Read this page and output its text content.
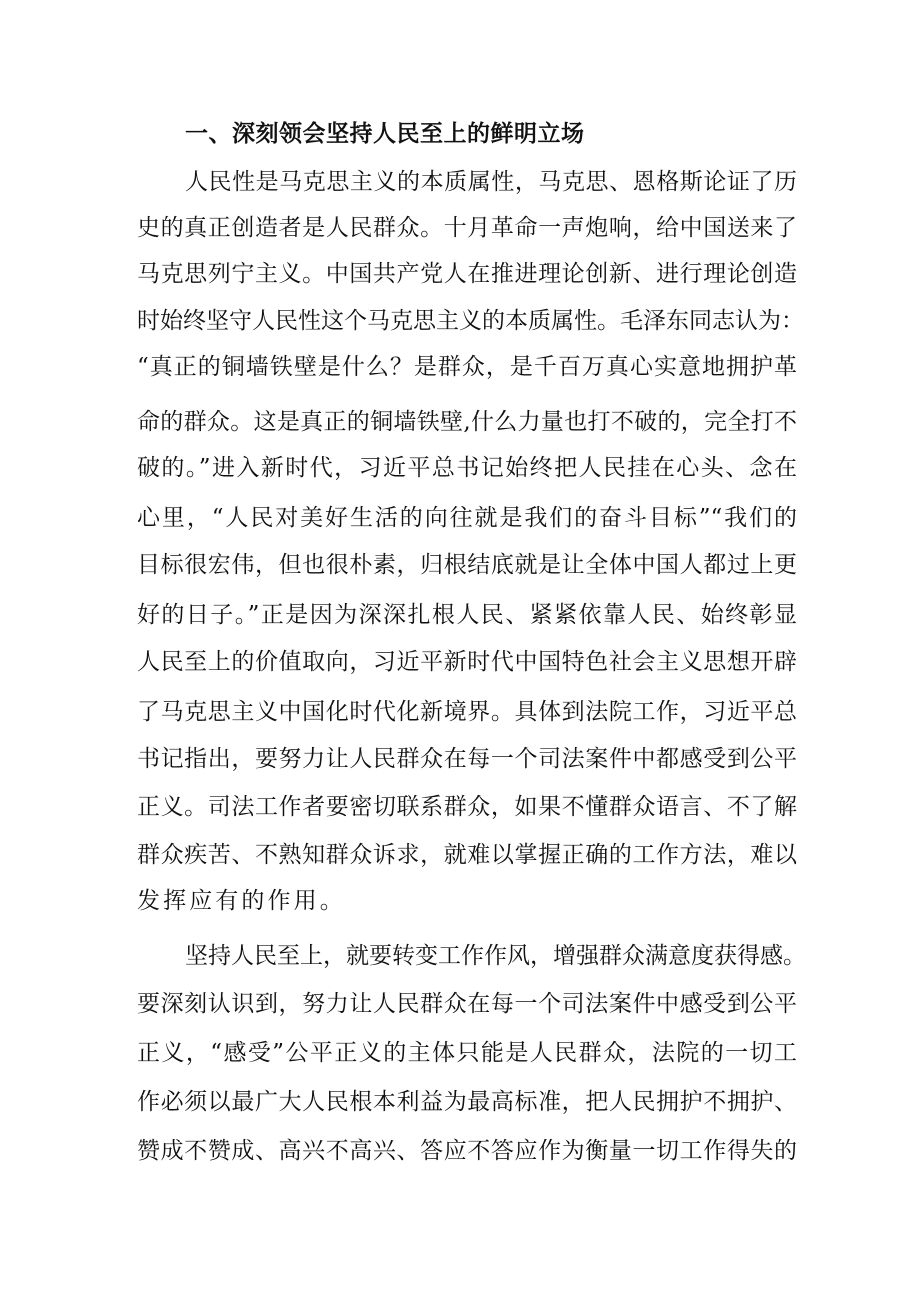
一、深刻领会坚持人民至上的鲜明立场
人民性是马克思主义的本质属性，马克思、恩格斯论证了历
史的真正创造者是人民群众。十月革命一声炮响，给中国送来了
马克思列宁主义。中国共产党人在推进理论创新、进行理论创造
时始终坚守人民性这个马克思主义的本质属性。毛泽东同志认为：
“真正的铜墙铁壁是什么？是群众，是千百万真心实意地拥护革
命的群众。这是真正的铜墙铁壁,什么力量也打不破的，完全打不
破的。”进入新时代，习近平总书记始终把人民挂在心头、念在
心里，“人民对美好生活的向往就是我们的奋斗目标”“我们的
目标很宏伟，但也很朴素，归根结底就是让全体中国人都过上更
好的日子。”正是因为深深扎根人民、紧紧依靠人民、始终彰显
人民至上的价值取向，习近平新时代中国特色社会主义思想开辟
了马克思主义中国化时代化新境界。具体到法院工作，习近平总
书记指出，要努力让人民群众在每一个司法案件中都感受到公平
正义。司法工作者要密切联系群众，如果不懂群众语言、不了解
群众疾苦、不熟知群众诉求，就难以掌握正确的工作方法，难以
发挥应有的作用。
坚持人民至上，就要转变工作作风，增强群众满意度获得感。
要深刻认识到，努力让人民群众在每一个司法案件中感受到公平
正义，“感受”公平正义的主体只能是人民群众，法院的一切工
作必须以最广大人民根本利益为最高标准，把人民拥护不拥护、
赞成不赞成、高兴不高兴、答应不答应作为衡量一切工作得失的
